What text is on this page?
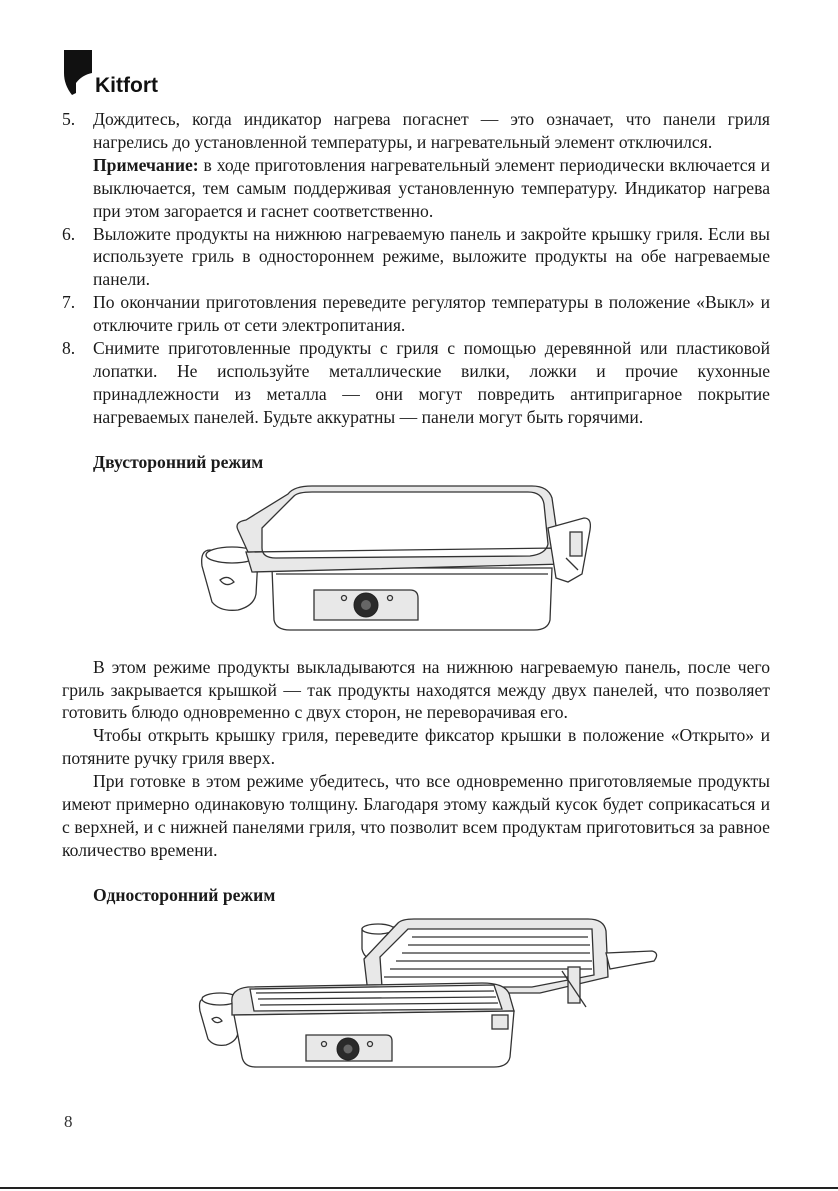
Kitfort
5. Дождитесь, когда индикатор нагрева погаснет — это означает, что панели гриля нагрелись до установленной температуры, и нагревательный элемент отключился.
Примечание: в ходе приготовления нагревательный элемент периодически включается и выключается, тем самым поддерживая установленную температуру. Индикатор нагрева при этом загорается и гаснет соответственно.
6. Выложите продукты на нижнюю нагреваемую панель и закройте крышку гриля. Если вы используете гриль в одностороннем режиме, выложите продукты на обе нагреваемые панели.
7. По окончании приготовления переведите регулятор температуры в положение «Выкл» и отключите гриль от сети электропитания.
8. Снимите приготовленные продукты с гриля с помощью деревянной или пластиковой лопатки. Не используйте металлические вилки, ложки и прочие кухонные принадлежности из металла — они могут повредить антипригарное покрытие нагреваемых панелей. Будьте аккуратны — панели могут быть горячими.
Двусторонний режим

В этом режиме продукты выкладываются на нижнюю нагреваемую панель, после чего гриль закрывается крышкой — так продукты находятся между двух панелей, что позволяет готовить блюдо одновременно с двух сторон, не переворачивая его.

Чтобы открыть крышку гриля, переведите фиксатор крышки в положение «Открыто» и потяните ручку гриля вверх.

При готовке в этом режиме убедитесь, что все одновременно приготовляемые продукты имеют примерно одинаковую толщину. Благодаря этому каждый кусок будет соприкасаться и с верхней, и с нижней панелями гриля, что позволит всем продуктам приготовиться за равное количество времени.

Односторонний режим
8
